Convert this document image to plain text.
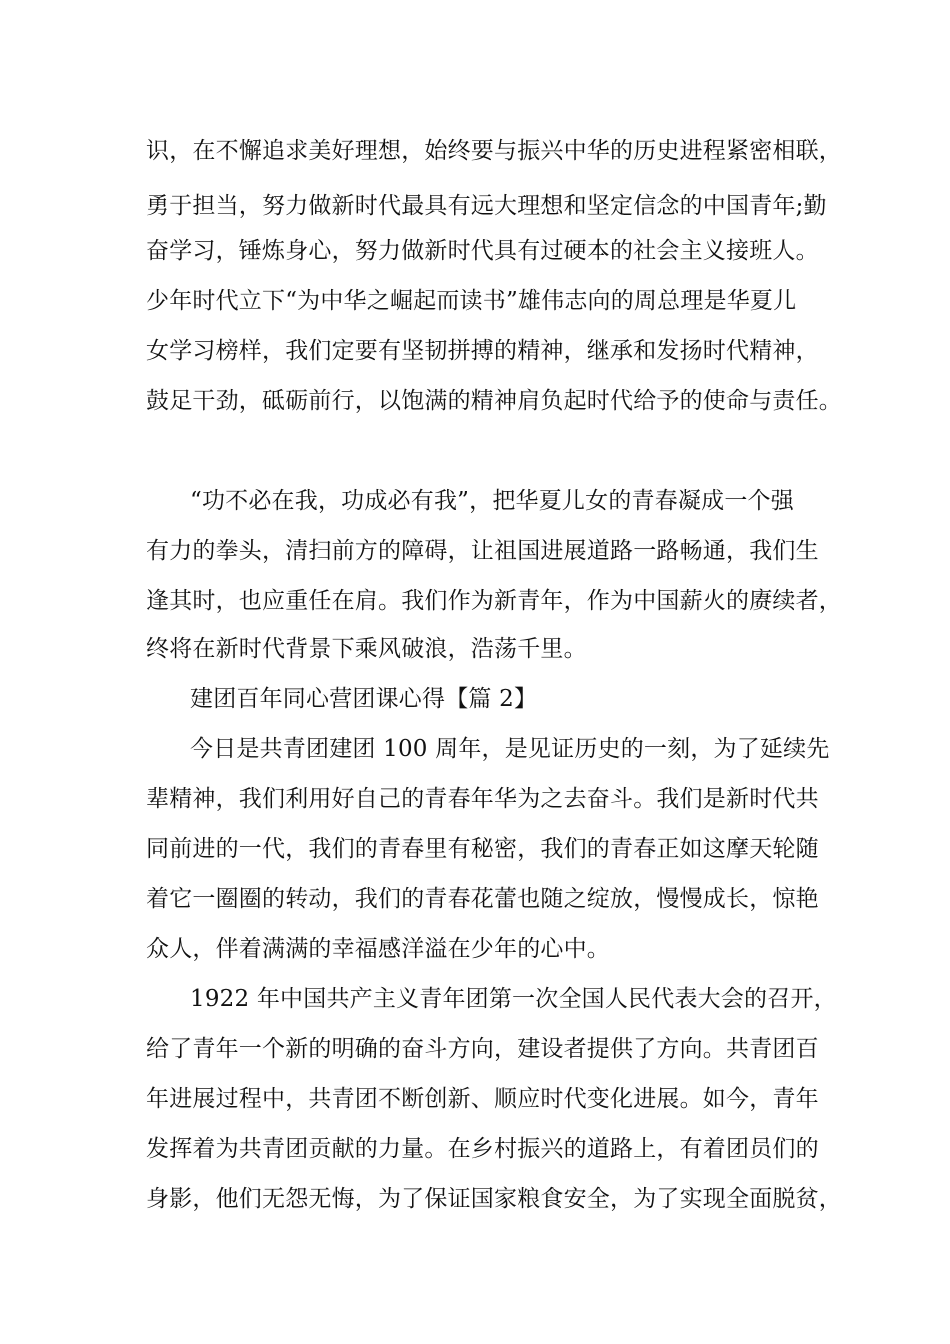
识，在不懈追求美好理想，始终要与振兴中华的历史进程紧密相联，
勇于担当，努力做新时代最具有远大理想和坚定信念的中国青年;勤
奋学习，锤炼身心，努力做新时代具有过硬本的社会主义接班人。
少年时代立下“为中华之崛起而读书”雄伟志向的周总理是华夏儿
女学习榜样，我们定要有坚韧拼搏的精神，继承和发扬时代精神，
鼓足干劲，砥砺前行，以饱满的精神肩负起时代给予的使命与责任。
“功不必在我，功成必有我”，把华夏儿女的青春凝成一个强
有力的拳头，清扫前方的障碍，让祖国进展道路一路畅通，我们生
逢其时，也应重任在肩。我们作为新青年，作为中国薪火的赓续者，
终将在新时代背景下乘风破浪，浩荡千里。
建团百年同心营团课心得【篇 2】
今日是共青团建团 100 周年，是见证历史的一刻，为了延续先
辈精神，我们利用好自己的青春年华为之去奋斗。我们是新时代共
同前进的一代，我们的青春里有秘密，我们的青春正如这摩天轮随
着它一圈圈的转动，我们的青春花蕾也随之绽放，慢慢成长，惊艳
众人，伴着满满的幸福感洋溢在少年的心中。
1922 年中国共产主义青年团第一次全国人民代表大会的召开，
给了青年一个新的明确的奋斗方向，建设者提供了方向。共青团百
年进展过程中，共青团不断创新、顺应时代变化进展。如今，青年
发挥着为共青团贡献的力量。在乡村振兴的道路上，有着团员们的
身影，他们无怨无悔，为了保证国家粮食安全，为了实现全面脱贫，
